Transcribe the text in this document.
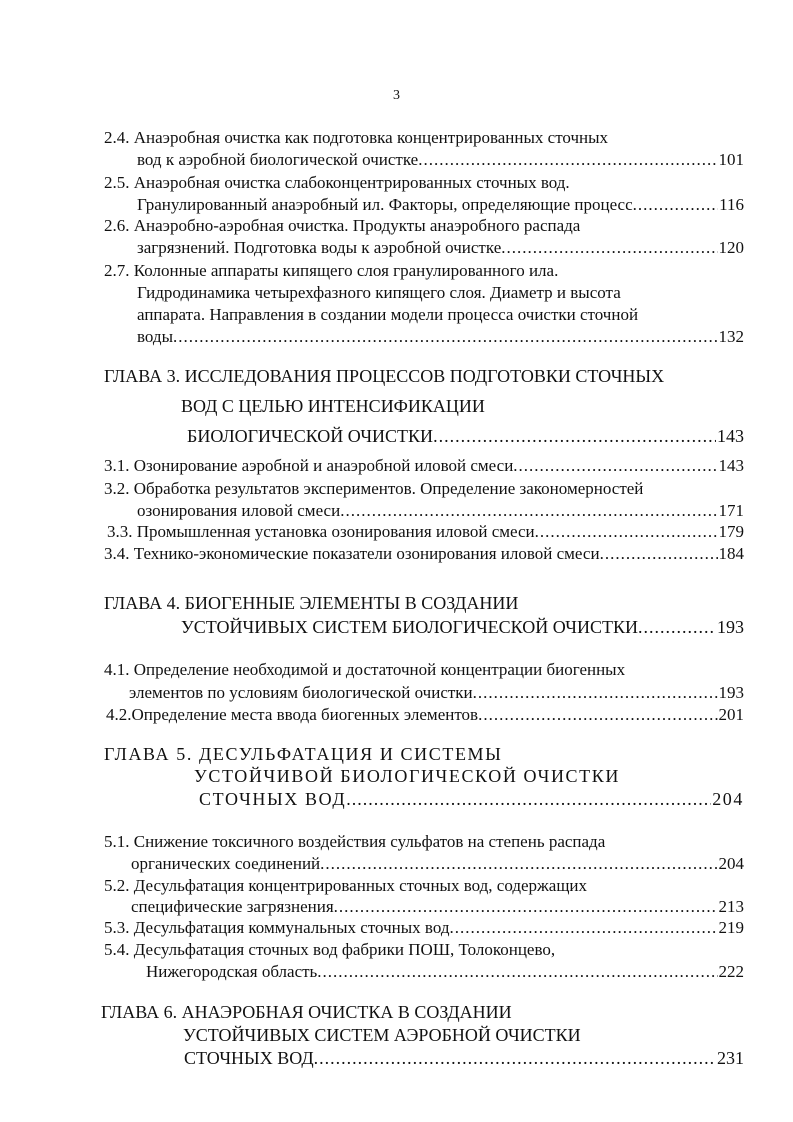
3
2.4. Анаэробная очистка как подготовка концентрированных сточных
вод к аэробной биологической очистке .....	101
2.5. Анаэробная очистка слабоконцентрированных сточных вод.
Гранулированный анаэробный ил. Факторы, определяющие процесс .....	116
2.6. Анаэробно-аэробная очистка. Продукты анаэробного распада
загрязнений. Подготовка воды к аэробной очистке .....	120
2.7. Колонные аппараты кипящего слоя гранулированного ила.
Гидродинамика четырехфазного кипящего слоя. Диаметр и высота
аппарата. Направления в создании модели процесса очистки сточной
воды .....	132
ГЛАВА 3. ИССЛЕДОВАНИЯ ПРОЦЕССОВ ПОДГОТОВКИ СТОЧНЫХ
ВОД С ЦЕЛЬЮ ИНТЕНСИФИКАЦИИ
БИОЛОГИЧЕСКОЙ ОЧИСТКИ .....	143
3.1. Озонирование аэробной и анаэробной иловой смеси .....	143
3.2. Обработка результатов экспериментов. Определение закономерностей
озонирования иловой смеси .....	171
3.3. Промышленная установка озонирования иловой смеси .....	179
3.4. Технико-экономические показатели озонирования иловой смеси .....	184
ГЛАВА 4. БИОГЕННЫЕ ЭЛЕМЕНТЫ В СОЗДАНИИ
УСТОЙЧИВЫХ СИСТЕМ БИОЛОГИЧЕСКОЙ ОЧИСТКИ .....	193
4.1. Определение необходимой и достаточной концентрации биогенных
элементов по условиям биологической очистки .....	193
4.2.Определение места ввода биогенных элементов .....	201
ГЛАВА 5. ДЕСУЛЬФАТАЦИЯ И СИСТЕМЫ
УСТОЙЧИВОЙ БИОЛОГИЧЕСКОЙ ОЧИСТКИ
СТОЧНЫХ ВОД .....	204
5.1. Снижение токсичного воздействия сульфатов на степень распада
органических соединений .....	204
5.2. Десульфатация концентрированных сточных вод, содержащих
специфические загрязнения .....	213
5.3. Десульфатация коммунальных сточных вод .....	219
5.4. Десульфатация сточных вод фабрики ПОШ, Толоконцево,
Нижегородская область .....	222
ГЛАВА 6. АНАЭРОБНАЯ ОЧИСТКА В СОЗДАНИИ
УСТОЙЧИВЫХ СИСТЕМ АЭРОБНОЙ ОЧИСТКИ
СТОЧНЫХ ВОД .....	231
